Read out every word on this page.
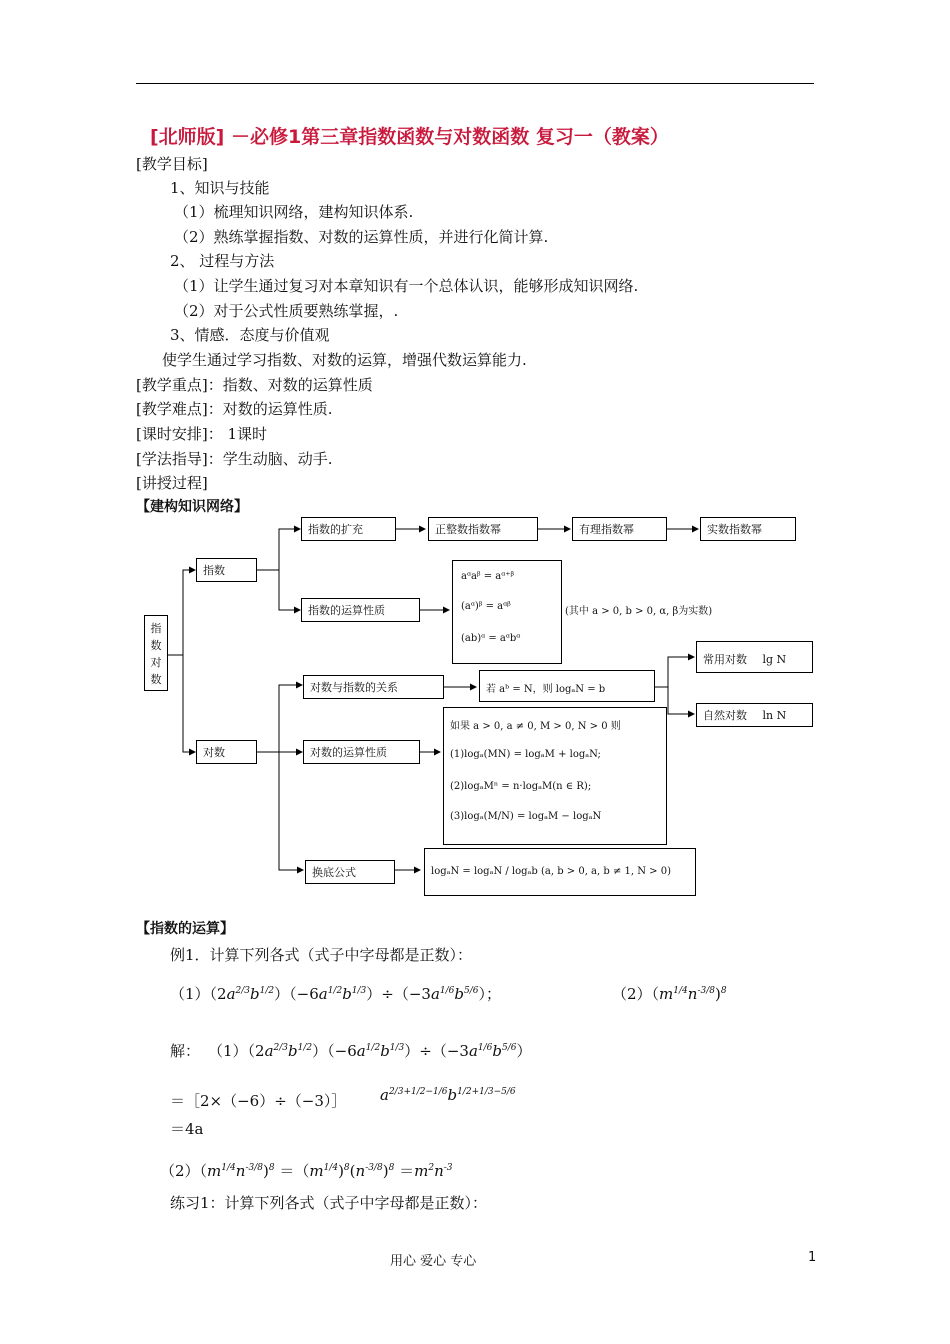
[北师版] －必修1第三章指数函数与对数函数 复习一（教案）
[教学目标]
1、知识与技能
（1）梳理知识网络，建构知识体系.
（2）熟练掌握指数、对数的运算性质，并进行化简计算.
2、 过程与方法
（1）让学生通过复习对本章知识有一个总体认识，能够形成知识网络.
（2）对于公式性质要熟练掌握，.
3、情感．态度与价值观
使学生通过学习指数、对数的运算，增强代数运算能力.
[教学重点]：指数、对数的运算性质
[教学难点]：对数的运算性质.
[课时安排]： 1课时
[学法指导]：学生动脑、动手.
[讲授过程]
【建构知识网络】
指数对数
指数
对数
指数的扩充	正整数指数幂	有理指数幂	实数指数幂
指数的运算性质
aᵅaᵝ = aᵅ⁺ᵝ
(aᵅ)ᵝ = aᵅᵝ
(ab)ᵅ = aᵅbᵅ
(其中 a > 0, b > 0, α, β为实数)
对数与指数的关系	若 aᵇ = N，则 logₐN = b
常用对数 lg N
自然对数 ln N
对数的运算性质
如果 a > 0, a ≠ 0, M > 0, N > 0 则
(1)logₐ(MN) = logₐM + logₐN;
(2)logₐMⁿ = n·logₐM(n ∈ R);
(3)logₐ(M/N) = logₐM − logₐN
换底公式	logₐN = logₐN / logₐb (a, b > 0, a, b ≠ 1, N > 0)
【指数的运算】
例1．计算下列各式（式子中字母都是正数）：
$(1)(2a^{2/3}b^{1/2})(-6a^{1/2}b^{1/3})\div(-3a^{1/6}b^{5/6})$；	$(2)(m^{1/4}n^{-3/8})^8$
解： $(1)(2a^{2/3}b^{1/2})(-6a^{1/2}b^{1/3})\div(-3a^{1/6}b^{5/6})$
＝［2×（−6）÷（−3）］ $a^{2/3+1/2-1/6}b^{1/2+1/3-5/6}$
＝4a
$(2)(m^{1/4}n^{-3/8})^8 =(m^{1/4})^8(n^{-3/8})^8 =m^2n^{-3}$
练习1：计算下列各式（式子中字母都是正数）：
用心 爱心 专心	1
